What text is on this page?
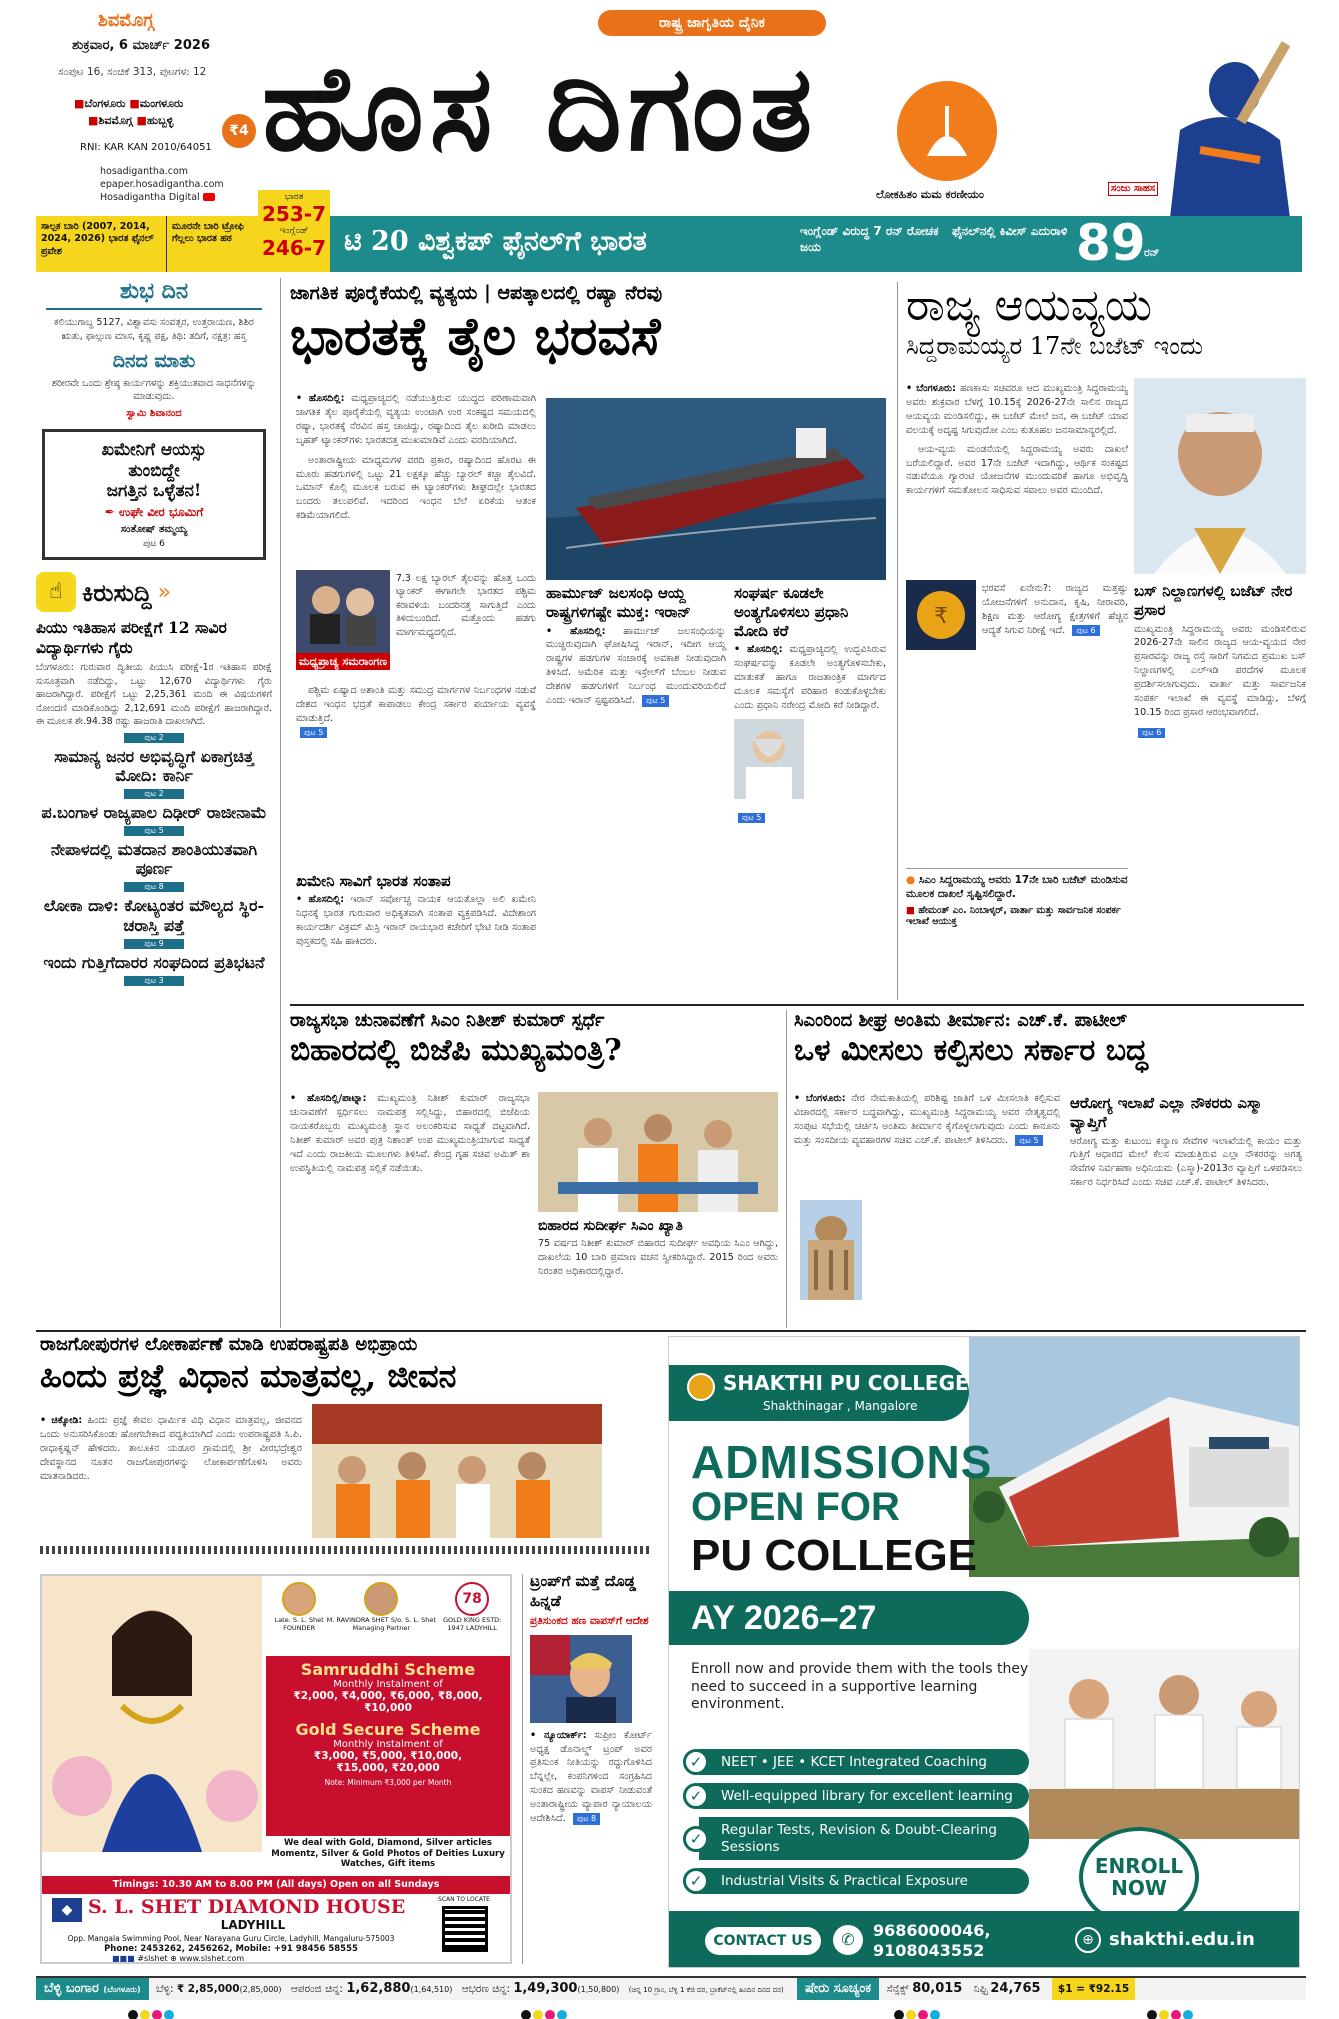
ಶಿವಮೊಗ್ಗ
ಶುಕ್ರವಾರ, 6 ಮಾರ್ಚ್ 2026
ಸಂಪುಟ 16, ಸಂಚಿಕೆ 313, ಪುಟಗಳು 12
■ಬೆಂಗಳೂರು ■ಮಂಗಳೂರು
■ಶಿವಮೊಗ್ಗ ■ಹುಬ್ಬಳ್ಳಿ
RNI: KAR KAN 2010/64051
hosadigantha.com
epaper.hosadigantha.com
Hosadigantha Digital
₹4
ರಾಷ್ಟ್ರ ಜಾಗೃತಿಯ ದೈನಿಕ
ಹೊಸ ದಿಗಂತ
ಲೋಕಹಿತಂ ಮಮ ಕರಣೀಯಂ	ಸಂಜು ಸಾಹಸ
ಸಾಲ್ಪಕ ಬಾರಿ (2007, 2014, 2024, 2026) ಭಾರತ ಫೈನಲ್ ಪ್ರವೇಶ
ಮೂರನೇ ಬಾರಿ ಟ್ರೋಫಿ ಗೆಲ್ಲಲು ಭಾರತ ಹಠ
ಭಾರತ
253-7
ಇಂಗ್ಲೆಂಡ್
246-7 ಟಿ 20 ವಿಶ್ವಕಪ್ ಫೈನಲ್‌ಗೆ ಭಾರತ	ಇಂಗ್ಲೆಂಡ್ ವಿರುದ್ಧ 7 ರನ್ ರೋಚಕ ಜಯ
ಫೈನಲ್‌ನಲ್ಲಿ ಕಿವೀಸ್ ಎದುರಾಳಿ 89
ರನ್
ಶುಭ ದಿನ
ಕಲಿಯುಗಾಬ್ದ 5127, ವಿಶ್ವಾವಸು ಸಂವತ್ಸರ, ಉತ್ತರಾಯಣ, ಶಿಶಿರ ಋತು, ಫಾಲ್ಗುಣ ಮಾಸ, ಕೃಷ್ಣ ಪಕ್ಷ, ತಿಥಿ: ತದಿಗೆ, ನಕ್ಷತ್ರ: ಹಸ್ತ
ದಿನದ ಮಾತು
ಶರೀರವೇ ಒಂದು ಶ್ರೇಷ್ಠ ಕಾರ್ಯಗಳನ್ನು ಶಕ್ತಿಯುತವಾದ ಸಾಧನೆಗಳನ್ನು ಮಾಡುವುದು.
ಸ್ವಾಮಿ ಶಿವಾನಂದ
ಖಮೇನಿಗೆ ಆಯಸ್ಸು
ತುಂಬಿದ್ದೇ
ಜಗತ್ತಿನ ಒಳ್ಳೆತನ!
✒ ಉಘೇ ವೀರ ಭೂಮಿಗೆ
ಸಂತೋಷ್ ತಮ್ಮಯ್ಯ
ಪುಟ 6
☝ ಕಿರುಸುದ್ದಿ »
ಪಿಯು ಇತಿಹಾಸ ಪರೀಕ್ಷೆಗೆ 12 ಸಾವಿರ ವಿದ್ಯಾರ್ಥಿಗಳು ಗೈರು
ಬೆಂಗಳೂರು: ಗುರುವಾರ ದ್ವಿತೀಯ ಪಿಯುಸಿ ಪರೀಕ್ಷೆ-1ರ ಇತಿಹಾಸ ಪರೀಕ್ಷೆ ಸುಸೂತ್ರವಾಗಿ ನಡೆದಿದ್ದು, ಒಟ್ಟು 12,670 ವಿದ್ಯಾರ್ಥಿಗಳು ಗೈರು ಹಾಜರಾಗಿದ್ದಾರೆ. ಪರೀಕ್ಷೆಗೆ ಒಟ್ಟು 2,25,361 ಮಂದಿ ಈ ವಿಷಯಗಳಿಗೆ ನೋಂದಣಿ ಮಾಡಿಕೊಂಡಿದ್ದು 2,12,691 ಮಂದಿ ಪರೀಕ್ಷೆಗೆ ಹಾಜರಾಗಿದ್ದಾರೆ. ಈ ಮೂಲಕ ಶೇ.94.38 ರಷ್ಟು ಹಾಜರಾತಿ ದಾಖಲಾಗಿದೆ.
ಪುಟ 2
ಸಾಮಾನ್ಯ ಜನರ ಅಭಿವೃದ್ಧಿಗೆ ಏಕಾಗ್ರಚಿತ್ತ ಮೋದಿ: ಕಾರ್ನಿ
ಪುಟ 2
ಪ.ಬಂಗಾಳ ರಾಜ್ಯಪಾಲ ದಿಢೀರ್ ರಾಜೀನಾಮೆ
ಪುಟ 5
ನೇಪಾಳದಲ್ಲಿ ಮತದಾನ ಶಾಂತಿಯುತವಾಗಿ ಪೂರ್ಣ
ಪುಟ 8
ಲೋಕಾ ದಾಳಿ: ಕೋಟ್ಯಂತರ ಮೌಲ್ಯದ ಸ್ಥಿರ-ಚರಾಸ್ತಿ ಪತ್ತೆ
ಪುಟ 9
ಇಂದು ಗುತ್ತಿಗೆದಾರರ ಸಂಘದಿಂದ ಪ್ರತಿಭಟನೆ
ಪುಟ 3
ಜಾಗತಿಕ ಪೂರೈಕೆಯಲ್ಲಿ ವ್ಯತ್ಯಯ | ಆಪತ್ಕಾಲದಲ್ಲಿ ರಷ್ಯಾ ನೆರವು
ಭಾರತಕ್ಕೆ ತೈಲ ಭರವಸೆ
• ಹೊಸದಿಲ್ಲಿ: ಮಧ್ಯಪ್ರಾಚ್ಯದಲ್ಲಿ ನಡೆಯುತ್ತಿರುವ ಯುದ್ಧದ ಪರಿಣಾಮವಾಗಿ ಜಾಗತಿಕ ತೈಲ ಪೂರೈಕೆಯಲ್ಲಿ ವ್ಯತ್ಯಯ ಉಂಟಾಗಿ ಉರ ಸಂಕಷ್ಟದ ಸಮಯದಲ್ಲಿ ರಷ್ಯಾ, ಭಾರತಕ್ಕೆ ನೆರವಿನ ಹಸ್ತ ಚಾಚಿದ್ದು, ರಷ್ಯಾದಿಂದ ತೈಲ ಖರೀದಿ ಮಾಡಲು ಬೃಹತ್ ಟ್ಯಾಂಕರ್‌ಗಳು ಭಾರತದತ್ತ ಮುಖಮಾಡಿವೆ ಎಂದು ವರದಿಯಾಗಿದೆ.

ಅಂತಾರಾಷ್ಟ್ರೀಯ ಮಾಧ್ಯಮಗಳ ವರದಿ ಪ್ರಕಾರ, ರಷ್ಯಾದಿಂದ ಹೊರಟ ಈ ಮೂರು ಹಡಗುಗಳಲ್ಲಿ ಒಟ್ಟು 21 ಲಕ್ಷಕ್ಕೂ ಹೆಚ್ಚು ಬ್ಯಾರಲ್ ಕಚ್ಚಾ ತೈಲವಿದೆ. ಒಮಾನ್ ಕೊಲ್ಲಿ ಮೂಲಕ ಬರುವ ಈ ಟ್ಯಾಂಕರ್‌ಗಳು ಶೀಘ್ರದಲ್ಲೇ ಭಾರತದ ಬಂದರು ತಲುಪಲಿವೆ. ಇದರಿಂದ ಇಂಧನ ಬೆಲೆ ಏರಿಕೆಯ ಆತಂಕ ಕಡಿಮೆಯಾಗಲಿದೆ.

ಮಧ್ಯಪ್ರಾಚ್ಯ ಸಮರಾಂಗಣ
7.3 ಲಕ್ಷ ಬ್ಯಾರಲ್ ತೈಲವನ್ನು ಹೊತ್ತ ಒಂದು ಟ್ಯಾಂಕರ್ ಈಗಾಗಲೇ ಭಾರತದ ಪಶ್ಚಿಮ ಕರಾವಳಿಯ ಬಂದರಿನತ್ತ ಸಾಗುತ್ತಿದೆ ಎಂದು ತಿಳಿದುಬಂದಿದೆ. ಮತ್ತೊಂದು ಹಡಗು ಮಾರ್ಗಮಧ್ಯದಲ್ಲಿದೆ.

ಪಶ್ಚಿಮ ಏಷ್ಯಾದ ಅಶಾಂತಿ ಮತ್ತು ಸಮುದ್ರ ಮಾರ್ಗಗಳ ನಿರ್ಬಂಧಗಳ ನಡುವೆ ದೇಶದ ಇಂಧನ ಭದ್ರತೆ ಕಾಪಾಡಲು ಕೇಂದ್ರ ಸರ್ಕಾರ ಪರ್ಯಾಯ ವ್ಯವಸ್ಥೆ ಮಾಡುತ್ತಿದೆ.

ಪುಟ 5
ಖಮೇನಿ ಸಾವಿಗೆ ಭಾರತ ಸಂತಾಪ
• ಹೊಸದಿಲ್ಲಿ: ಇರಾನ್ ಸರ್ವೋಚ್ಚ ನಾಯಕ ಆಯತೊಲ್ಲಾ ಅಲಿ ಖಮೇನಿ ನಿಧನಕ್ಕೆ ಭಾರತ ಗುರುವಾರ ಅಧಿಕೃತವಾಗಿ ಸಂತಾಪ ವ್ಯಕ್ತಪಡಿಸಿದೆ. ವಿದೇಶಾಂಗ ಕಾರ್ಯದರ್ಶಿ ವಿಕ್ರಮ್ ಮಿಸ್ರಿ ಇರಾನ್ ರಾಯಭಾರ ಕಚೇರಿಗೆ ಭೇಟಿ ನೀಡಿ ಸಂತಾಪ ಪುಸ್ತಕದಲ್ಲಿ ಸಹಿ ಹಾಕಿದರು.
ಹಾರ್ಮುಜ್ ಜಲಸಂಧಿ ಆಯ್ದ ರಾಷ್ಟ್ರಗಳಿಗಷ್ಟೇ ಮುಕ್ತ: ಇರಾನ್
• ಹೊಸದಿಲ್ಲಿ: ಹಾರ್ಮುಜ್ ಜಲಸಂಧಿಯನ್ನು ಮುಚ್ಚಿರುವುದಾಗಿ ಘೋಷಿಸಿದ್ದ ಇರಾನ್, ಇದೀಗ ಆಯ್ದ ರಾಷ್ಟ್ರಗಳ ಹಡಗುಗಳ ಸಂಚಾರಕ್ಕೆ ಅವಕಾಶ ನೀಡುವುದಾಗಿ ತಿಳಿಸಿದೆ. ಅಮೆರಿಕ ಮತ್ತು ಇಸ್ರೇಲ್‌ಗೆ ಬೆಂಬಲ ನೀಡುವ ದೇಶಗಳ ಹಡಗುಗಳಿಗೆ ನಿರ್ಬಂಧ ಮುಂದುವರಿಯಲಿದೆ ಎಂದು ಇರಾನ್ ಸ್ಪಷ್ಟಪಡಿಸಿದೆ. ಪುಟ 5
ಸಂಘರ್ಷ ಕೂಡಲೇ ಅಂತ್ಯಗೊಳಿಸಲು ಪ್ರಧಾನಿ ಮೋದಿ ಕರೆ
• ಹೊಸದಿಲ್ಲಿ: ಮಧ್ಯಪ್ರಾಚ್ಯದಲ್ಲಿ ಉದ್ಭವಿಸಿರುವ ಸಂಘರ್ಷವನ್ನು ಕೂಡಲೇ ಅಂತ್ಯಗೊಳಿಸಬೇಕು, ಮಾತುಕತೆ ಹಾಗೂ ರಾಜತಾಂತ್ರಿಕ ಮಾರ್ಗದ ಮೂಲಕ ಸಮಸ್ಯೆಗೆ ಪರಿಹಾರ ಕಂಡುಕೊಳ್ಳಬೇಕು ಎಂದು ಪ್ರಧಾನಿ ನರೇಂದ್ರ ಮೋದಿ ಕರೆ ನೀಡಿದ್ದಾರೆ.
ಪುಟ 5
ರಾಜ್ಯ ಆಯವ್ಯಯ
ಸಿದ್ದರಾಮಯ್ಯರ 17ನೇ ಬಜೆಟ್ ಇಂದು
• ಬೆಂಗಳೂರು: ಹಣಕಾಸು ಸಚಿವರೂ ಆದ ಮುಖ್ಯಮಂತ್ರಿ ಸಿದ್ದರಾಮಯ್ಯ ಅವರು ಶುಕ್ರವಾರ ಬೆಳಗ್ಗೆ 10.15ಕ್ಕೆ 2026-27ನೇ ಸಾಲಿನ ರಾಜ್ಯದ ಆಯವ್ಯಯ ಮಂಡಿಸಲಿದ್ದು, ಈ ಬಜೆಟ್ ಮೇಲೆ ಜನ, ಈ ಬಜೆಟ್ ಯಾವ ವಲಯಕ್ಕೆ ಅದೃಷ್ಟ ಸಿಗುವುದೋ ಎಂಬ ಕುತೂಹಲ ಜನಸಾಮಾನ್ಯರಲ್ಲಿದೆ.

ಆಯ-ವ್ಯಯ ಮಂಡನೆಯಲ್ಲಿ ಸಿದ್ದರಾಮಯ್ಯ ಅವರು ದಾಖಲೆ ಬರೆಯಲಿದ್ದಾರೆ. ಅವರ 17ನೇ ಬಜೆಟ್ ಇದಾಗಿದ್ದು, ಆರ್ಥಿಕ ಸಂಕಷ್ಟದ ನಡುವೆಯೂ ಗ್ಯಾರಂಟಿ ಯೋಜನೆಗಳ ಮುಂದುವರಿಕೆ ಹಾಗೂ ಅಭಿವೃದ್ಧಿ ಕಾರ್ಯಗಳಿಗೆ ಸಮತೋಲನ ಸಾಧಿಸುವ ಸವಾಲು ಅವರ ಮುಂದಿದೆ.

₹
ಭರವಸೆ ಏನೇನು?: ರಾಜ್ಯದ ಮತ್ತಷ್ಟು ಯೋಜನೆಗಳಿಗೆ ಅನುದಾನ, ಕೃಷಿ, ನೀರಾವರಿ, ಶಿಕ್ಷಣ ಮತ್ತು ಆರೋಗ್ಯ ಕ್ಷೇತ್ರಗಳಿಗೆ ಹೆಚ್ಚಿನ ಆದ್ಯತೆ ಸಿಗುವ ನಿರೀಕ್ಷೆ ಇದೆ. ಪುಟ 6
ಬಸ್ ನಿಲ್ದಾಣಗಳಲ್ಲಿ ಬಜೆಟ್ ನೇರ ಪ್ರಸಾರ
ಮುಖ್ಯಮಂತ್ರಿ ಸಿದ್ದರಾಮಯ್ಯ ಅವರು ಮಂಡಿಸಲಿರುವ 2026-27ನೇ ಸಾಲಿನ ರಾಜ್ಯದ ಆಯ-ವ್ಯಯದ ನೇರ ಪ್ರಸಾರವನ್ನು ರಾಜ್ಯ ರಸ್ತೆ ಸಾರಿಗೆ ನಿಗಮದ ಪ್ರಮುಖ ಬಸ್ ನಿಲ್ದಾಣಗಳಲ್ಲಿ ಎಲ್‌ಇಡಿ ಪರದೆಗಳ ಮೂಲಕ ಪ್ರದರ್ಶಿಸಲಾಗುವುದು. ವಾರ್ತಾ ಮತ್ತು ಸಾರ್ವಜನಿಕ ಸಂಪರ್ಕ ಇಲಾಖೆ ಈ ವ್ಯವಸ್ಥೆ ಮಾಡಿದ್ದು, ಬೆಳಗ್ಗೆ 10.15 ರಿಂದ ಪ್ರಸಾರ ಆರಂಭವಾಗಲಿದೆ.
ಪುಟ 6
● ಸಿಎಂ ಸಿದ್ದರಾಮಯ್ಯ ಅವರು 17ನೇ ಬಾರಿ ಬಜೆಟ್ ಮಂಡಿಸುವ ಮೂಲಕ ದಾಖಲೆ ಸೃಷ್ಟಿಸಲಿದ್ದಾರೆ.
■ ಹೇಮಂತ್ ಎಂ. ನಿಂಬಾಳ್ಕರ್, ವಾರ್ತಾ ಮತ್ತು ಸಾರ್ವಜನಿಕ ಸಂಪರ್ಕ ಇಲಾಖೆ ಆಯುಕ್ತ
ರಾಜ್ಯಸಭಾ ಚುನಾವಣೆಗೆ ಸಿಎಂ ನಿತೀಶ್ ಕುಮಾರ್ ಸ್ಪರ್ಧೆ
ಬಿಹಾರದಲ್ಲಿ ಬಿಜೆಪಿ ಮುಖ್ಯಮಂತ್ರಿ?
• ಹೊಸದಿಲ್ಲಿ/ಪಾಟ್ನಾ: ಮುಖ್ಯಮಂತ್ರಿ ನಿತೀಶ್ ಕುಮಾರ್ ರಾಜ್ಯಸಭಾ ಚುನಾವಣೆಗೆ ಸ್ಪರ್ಧಿಸಲು ನಾಮಪತ್ರ ಸಲ್ಲಿಸಿದ್ದು, ಬಿಹಾರದಲ್ಲಿ ಬಿಜೆಪಿಯ ನಾಯಕರೊಬ್ಬರು ಮುಖ್ಯಮಂತ್ರಿ ಸ್ಥಾನ ಅಲಂಕರಿಸುವ ಸಾಧ್ಯತೆ ದಟ್ಟವಾಗಿದೆ. ನಿತೀಶ್ ಕುಮಾರ್ ಅವರ ಪುತ್ರ ನಿಶಾಂತ್ ಉಪ ಮುಖ್ಯಮಂತ್ರಿಯಾಗುವ ಸಾಧ್ಯತೆ ಇದೆ ಎಂದು ರಾಜಕೀಯ ಮೂಲಗಳು ತಿಳಿಸಿವೆ. ಕೇಂದ್ರ ಗೃಹ ಸಚಿವ ಅಮಿತ್ ಶಾ ಉಪಸ್ಥಿತಿಯಲ್ಲಿ ನಾಮಪತ್ರ ಸಲ್ಲಿಕೆ ನಡೆಯಿತು.
ಬಿಹಾರದ ಸುದೀರ್ಘ ಸಿಎಂ ಖ್ಯಾತಿ
75 ವರ್ಷದ ನಿತೀಶ್ ಕುಮಾರ್ ಬಿಹಾರದ ಸುದೀರ್ಘ ಅವಧಿಯ ಸಿಎಂ ಆಗಿದ್ದು, ದಾಖಲೆಯ 10 ಬಾರಿ ಪ್ರಮಾಣ ವಚನ ಸ್ವೀಕರಿಸಿದ್ದಾರೆ. 2015 ರಿಂದ ಅವರು ನಿರಂತರ ಅಧಿಕಾರದಲ್ಲಿದ್ದಾರೆ.
ಸಿಎಂರಿಂದ ಶೀಘ್ರ ಅಂತಿಮ ತೀರ್ಮಾನ: ಎಚ್.ಕೆ. ಪಾಟೀಲ್
ಒಳ ಮೀಸಲು ಕಲ್ಪಿಸಲು ಸರ್ಕಾರ ಬದ್ಧ
• ಬೆಂಗಳೂರು: ನೇರ ನೇಮಕಾತಿಯಲ್ಲಿ ಪರಿಶಿಷ್ಟ ಜಾತಿಗೆ ಒಳ ಮೀಸಲಾತಿ ಕಲ್ಪಿಸುವ ವಿಚಾರದಲ್ಲಿ ಸರ್ಕಾರ ಬದ್ಧವಾಗಿದ್ದು, ಮುಖ್ಯಮಂತ್ರಿ ಸಿದ್ದರಾಮಯ್ಯ ಅವರ ನೇತೃತ್ವದಲ್ಲಿ ಸಂಪುಟ ಸಭೆಯಲ್ಲಿ ಚರ್ಚಿಸಿ ಅಂತಿಮ ತೀರ್ಮಾನ ಕೈಗೊಳ್ಳಲಾಗುವುದು ಎಂದು ಕಾನೂನು ಮತ್ತು ಸಂಸದೀಯ ವ್ಯವಹಾರಗಳ ಸಚಿವ ಎಚ್.ಕೆ. ಪಾಟೀಲ್ ತಿಳಿಸಿದರು. ಪುಟ 5
ಆರೋಗ್ಯ ಇಲಾಖೆ ಎಲ್ಲಾ ನೌಕರರು ಎಸ್ಮಾ ವ್ಯಾಪ್ತಿಗೆ
ಆರೋಗ್ಯ ಮತ್ತು ಕುಟುಂಬ ಕಲ್ಯಾಣ ಸೇವೆಗಳ ಇಲಾಖೆಯಲ್ಲಿ ಕಾಯಂ ಮತ್ತು ಗುತ್ತಿಗೆ ಆಧಾರದ ಮೇಲೆ ಕೆಲಸ ಮಾಡುತ್ತಿರುವ ಎಲ್ಲಾ ನೌಕರರನ್ನು ಅಗತ್ಯ ಸೇವೆಗಳ ನಿರ್ವಹಣಾ ಅಧಿನಿಯಮ (ಎಸ್ಮಾ)-2013ರ ವ್ಯಾಪ್ತಿಗೆ ಒಳಪಡಿಸಲು ಸರ್ಕಾರ ನಿರ್ಧರಿಸಿದೆ ಎಂದು ಸಚಿವ ಎಚ್.ಕೆ. ಪಾಟೀಲ್ ತಿಳಿಸಿದರು.
ರಾಜಗೋಪುರಗಳ ಲೋಕಾರ್ಪಣೆ ಮಾಡಿ ಉಪರಾಷ್ಟ್ರಪತಿ ಅಭಿಪ್ರಾಯ
ಹಿಂದು ಪ್ರಜ್ಞೆ ವಿಧಾನ ಮಾತ್ರವಲ್ಲ, ಜೀವನ
• ಚಿಕ್ಕೋಡಿ: ಹಿಂದು ಪ್ರಜ್ಞೆ ಕೇವಲ ಧಾರ್ಮಿಕ ವಿಧಿ ವಿಧಾನ ಮಾತ್ರವಲ್ಲ, ಜೀವನದ ಒಂದು ಅನುಸರಿಸಿಕೊಂಡು ಹೋಗಬೇಕಾದ ಪದ್ಧತಿಯಾಗಿದೆ ಎಂದು ಉಪರಾಷ್ಟ್ರಪತಿ ಸಿ.ಪಿ. ರಾಧಾಕೃಷ್ಣನ್ ಹೇಳಿದರು. ತಾಲೂಕಿನ ಯಡೂರ ಗ್ರಾಮದಲ್ಲಿ ಶ್ರೀ ವೀರಭದ್ರೇಶ್ವರ ದೇವಸ್ಥಾನದ ನೂತನ ರಾಜಗೋಪುರಗಳನ್ನು ಲೋಕಾರ್ಪಣೆಗೊಳಿಸಿ ಅವರು ಮಾತನಾಡಿದರು.
Late. S. L. Shet FOUNDER
M. RAVINDRA SHET S/o. S. L. Shet Managing Partner
78
GOLD KING ESTD: 1947 LADYHILL
Samruddhi Scheme
Monthly Instalment of
₹2,000, ₹4,000, ₹6,000, ₹8,000, ₹10,000
Gold Secure Scheme
Monthly Instalment of
₹3,000, ₹5,000, ₹10,000,
₹15,000, ₹20,000
Note: Minimum ₹3,000 per Month
We deal with Gold, Diamond, Silver articles Momentz, Silver & Gold Photos of Deities Luxury Watches, Gift items
Timings: 10.30 AM to 8.00 PM (All days) Open on all Sundays
◆ S. L. SHET DIAMOND HOUSE
LADYHILL
Opp. Mangala Swimming Pool, Near Narayana Guru Circle, Ladyhill, Mangaluru-575003
Phone: 2453262, 2456262, Mobile: +91 98456 58555
■■■ #slshet ⊕ www.slshet.com
SCAN TO LOCATE
ಟ್ರಂಪ್‌ಗೆ ಮತ್ತೆ ದೊಡ್ಡ ಹಿನ್ನಡೆ
ಪ್ರತಿಸುಂಕದ ಹಣ ವಾಪಸ್‌ಗೆ ಆದೇಶ
• ನ್ಯೂಯಾರ್ಕ್: ಸುಪ್ರೀಂ ಕೋರ್ಟ್ ಅಧ್ಯಕ್ಷ ಡೊನಾಲ್ಡ್ ಟ್ರಂಪ್ ಅವರ ಪ್ರತಿಸುಂಕ ನೀತಿಯನ್ನು ರದ್ದುಗೊಳಿಸಿದ ಬೆನ್ನಲ್ಲೇ, ಕಂಪನಿಗಳಿಂದ ಸಂಗ್ರಹಿಸಿದ ಸುಂಕದ ಹಣವನ್ನು ವಾಪಸ್ ನೀಡುವಂತೆ ಅಂತಾರಾಷ್ಟ್ರೀಯ ವ್ಯಾಪಾರ ನ್ಯಾಯಾಲಯ ಆದೇಶಿಸಿದೆ. ಪುಟ 8
SHAKTHI PU COLLEGE
Shakthinagar , Mangalore
ADMISSIONS
OPEN FOR
PU COLLEGE
AY 2026–27
Enroll now and provide them with the tools they need to succeed in a supportive learning environment.
✓	NEET • JEE • KCET Integrated Coaching
✓	Well-equipped library for excellent learning
✓	Regular Tests, Revision & Doubt-Clearing Sessions
✓	Industrial Visits & Practical Exposure
ENROLL NOW
CONTACT US	✆	9686000046,
9108043552
⊕ shakthi.edu.in
ಬೆಳ್ಳಿ ಬಂಗಾರ (ಬೆಂಗಳೂರು) ಬೆಳ್ಳಿ: ₹ 2,85,000(2,85,000) ಆಪರಂಜಿ ಚಿನ್ನ: 1,62,880(1,64,510) ಆಭರಣ ಚಿನ್ನ: 1,49,300(1,50,800) (ಚಿನ್ನ 10 ಗ್ರಾಂ, ಬೆಳ್ಳಿ 1 ಕೆಜಿ ದರ, ಬ್ರಾಕೆಟ್‌ನಲ್ಲಿ ಹಿಂದಿನ ದಿನದ ದರ) ಷೇರು ಸೂಚ್ಯಂಕ ಸೆನ್ಸೆಕ್ಸ್ 80,015 ನಿಫ್ಟಿ 24,765 $1 = ₹92.15
